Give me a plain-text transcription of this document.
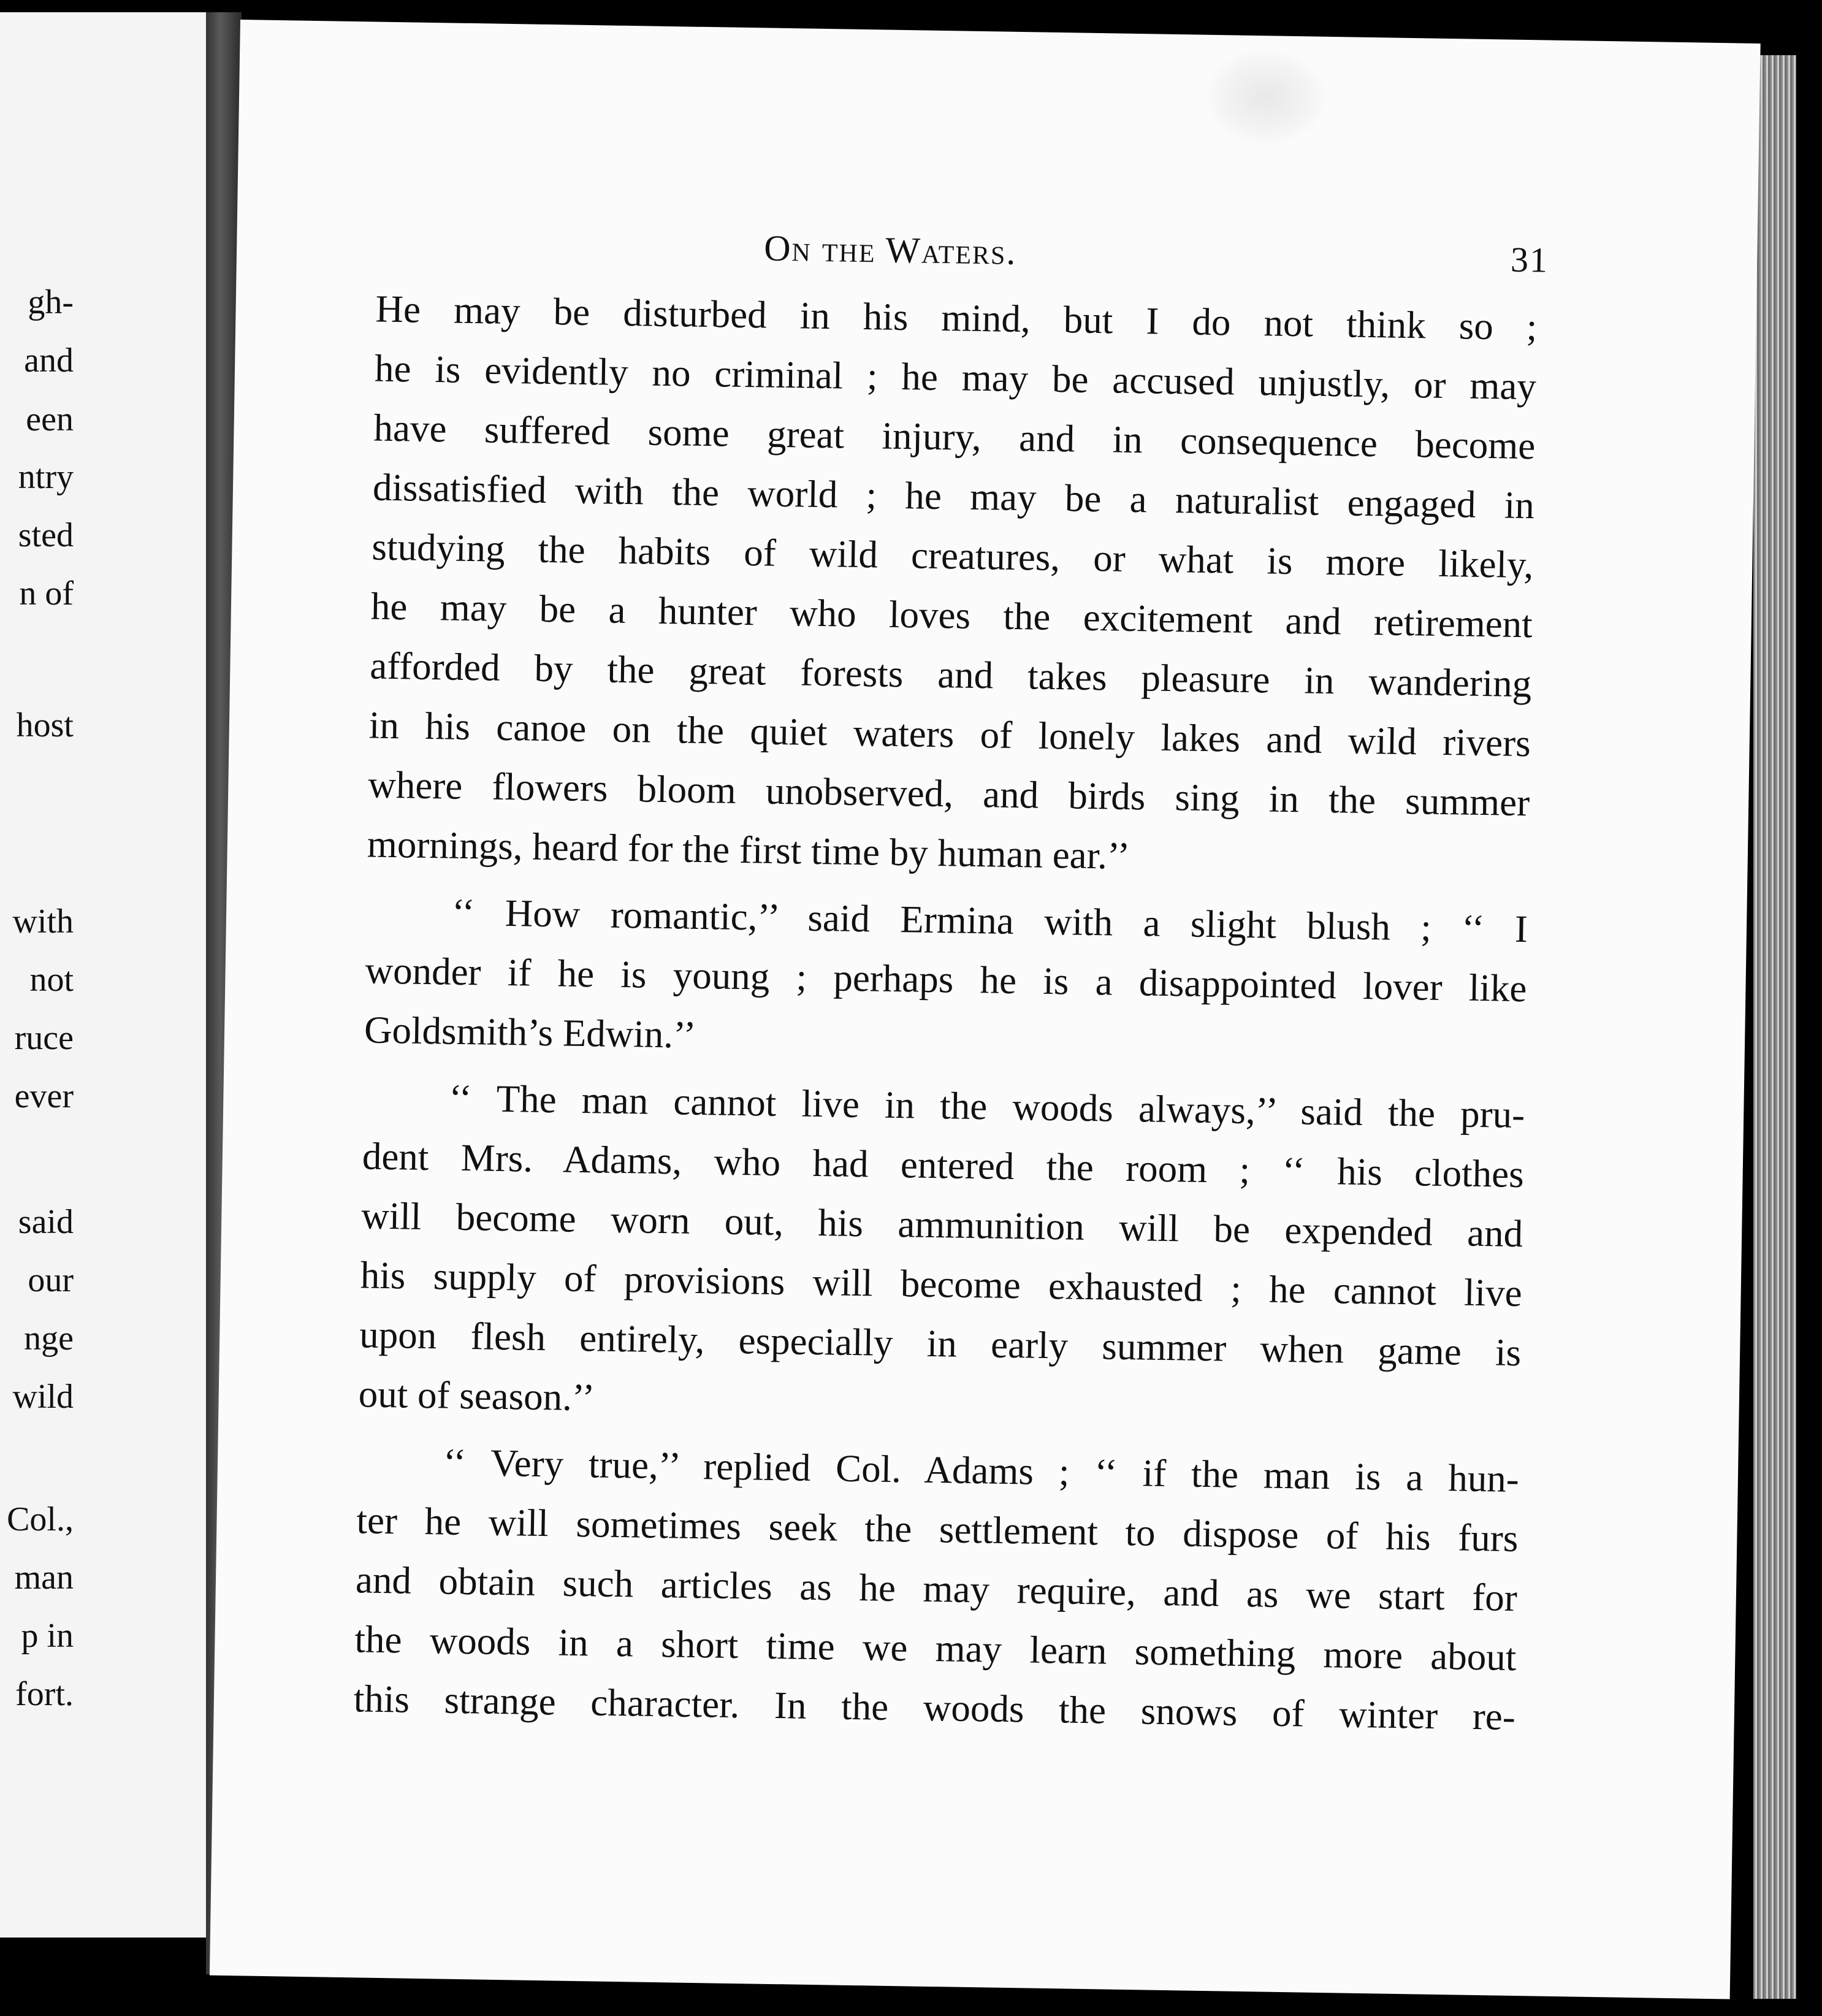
gh-
and
een
ntry
sted
n of
host
with
not
ruce
ever
said
our
nge
wild
Col.,
man
p in
fort.
On the Waters.	31
He may be disturbed in his mind, but I do not think so ;
he is evidently no criminal ; he may be accused unjustly, or may
have suffered some great injury, and in consequence become
dissatisfied with the world ; he may be a naturalist engaged in
studying the habits of wild creatures, or what is more likely,
he may be a hunter who loves the excitement and retirement
afforded by the great forests and takes pleasure in wandering
in his canoe on the quiet waters of lonely lakes and wild rivers
where flowers bloom unobserved, and birds sing in the summer
mornings, heard for the first time by human ear.’’
‘‘ How romantic,’’ said Ermina with a slight blush ; ‘‘ I
wonder if he is young ; perhaps he is a disappointed lover like
Goldsmith’s Edwin.’’
‘‘ The man cannot live in the woods always,’’ said the pru-
dent Mrs. Adams, who had entered the room ; ‘‘ his clothes
will become worn out, his ammunition will be expended and
his supply of provisions will become exhausted ; he cannot live
upon flesh entirely, especially in early summer when game is
out of season.’’
‘‘ Very true,’’ replied Col. Adams ; ‘‘ if the man is a hun-
ter he will sometimes seek the settlement to dispose of his furs
and obtain such articles as he may require, and as we start for
the woods in a short time we may learn something more about
this strange character. In the woods the snows of winter re-
